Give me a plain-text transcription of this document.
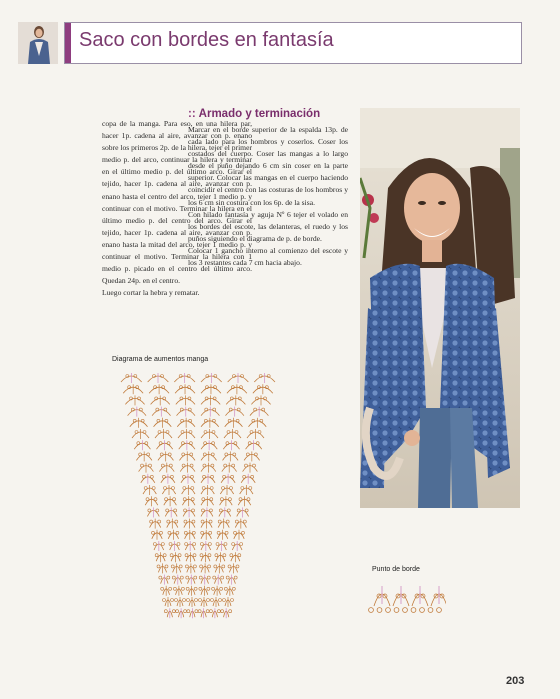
Saco con bordes en fantasía

copa de la manga. Para eso, en una hilera par, hacer 1p. cadena al aire, avanzar con p. enano sobre los primeros 2p. de la hilera, tejer el primer medio p. del arco, continuar la hilera y terminar en el último medio p. del último arco. Girar el tejido, hacer 1p. cadena al aire, avanzar con p. enano hasta el centro del arco, tejer 1 medio p. y continuar con el motivo. Terminar la hilera en el último medio p. del centro del arco. Girar el tejido, hacer 1p. cadena al aire, avanzar con p. enano hasta la mitad del arco, tejer 1 medio p. y continuar el motivo. Terminar la hilera con 1 medio p. picado en el centro del último arco. Quedan 24p. en el centro.

Luego cortar la hebra y rematar.

:: Armado y terminación

Marcar en el borde superior de la espalda 13p. de cada lado para los hombros y coserlos. Coser los costados del cuerpo. Coser las mangas a lo largo desde el puño dejando 6 cm sin coser en la parte superior. Colocar las mangas en el cuerpo haciendo coincidir el centro con las costuras de los hombros y los 6 cm sin costura con los 6p. de la sisa.

Con hilado fantasía y aguja Nº 6 tejer el volado en los bordes del escote, las delanteras, el ruedo y los puños siguiendo el diagrama de p. de borde.

Colocar 1 gancho interno al comienzo del escote y los 3 restantes cada 7 cm hacia abajo.

Diagrama de aumentos manga
Punto de borde
203
